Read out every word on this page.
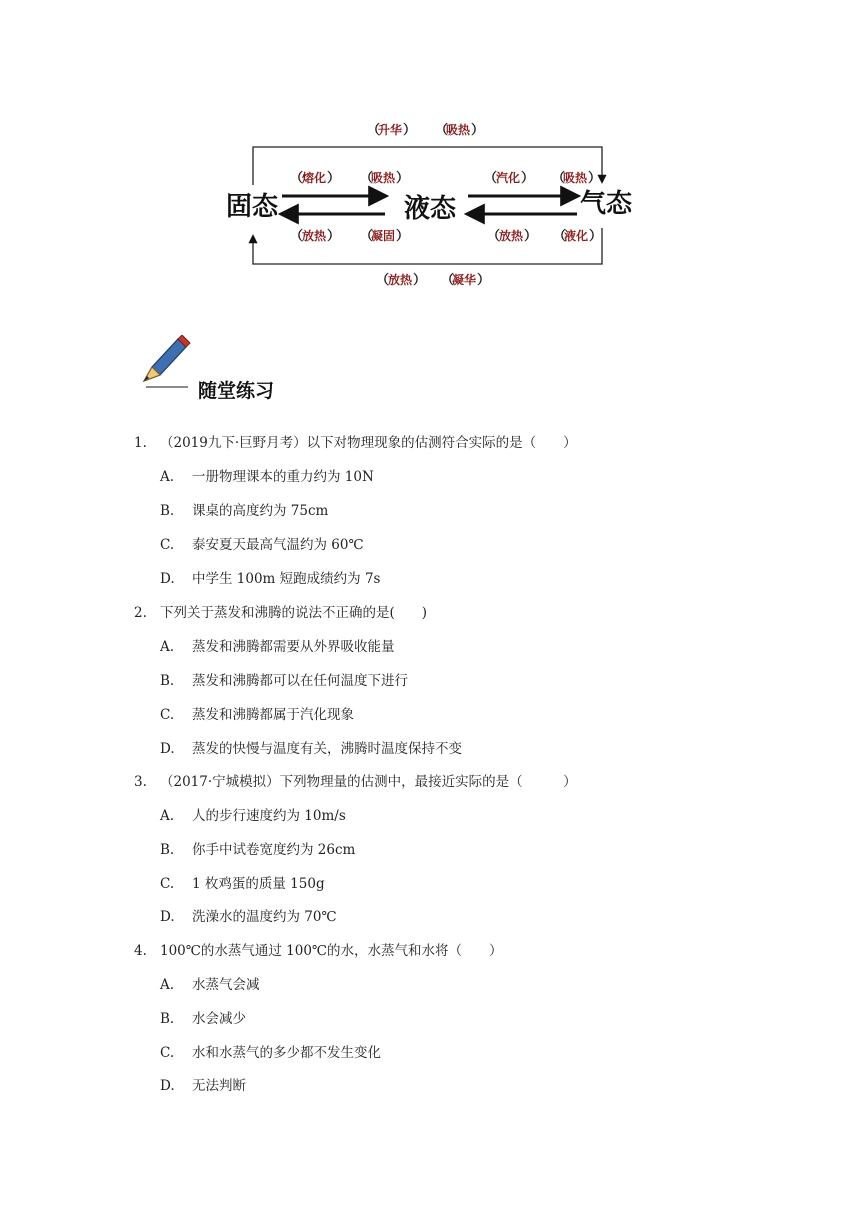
固态	液态	气态
（
升华 ） （
吸热 ）
（
熔化 ） （
吸热 ）
（
放热 ） （
凝固 ）
（
汽化 ） （
吸热 ）
（
放热 ） （
液化 ）
（
放热 ） （
凝华 ）
随堂练习
1. （2019九下·巨野月考）以下对物理现象的估测符合实际的是（　　）
A. 一册物理课本的重力约为 10N
B. 课桌的高度约为 75cm
C. 泰安夏天最高气温约为 60℃
D. 中学生 100m 短跑成绩约为 7s
2. 下列关于蒸发和沸腾的说法不正确的是(　　)
A. 蒸发和沸腾都需要从外界吸收能量
B. 蒸发和沸腾都可以在任何温度下进行
C. 蒸发和沸腾都属于汽化现象
D. 蒸发的快慢与温度有关，沸腾时温度保持不变
3. （2017·宁城模拟）下列物理量的估测中，最接近实际的是（　　　）
A. 人的步行速度约为 10m/s
B. 你手中试卷宽度约为 26cm
C. 1 枚鸡蛋的质量 150g
D. 洗澡水的温度约为 70℃
4. 100℃的水蒸气通过 100℃的水，水蒸气和水将（　　）
A. 水蒸气会减
B. 水会减少
C. 水和水蒸气的多少都不发生变化
D. 无法判断
